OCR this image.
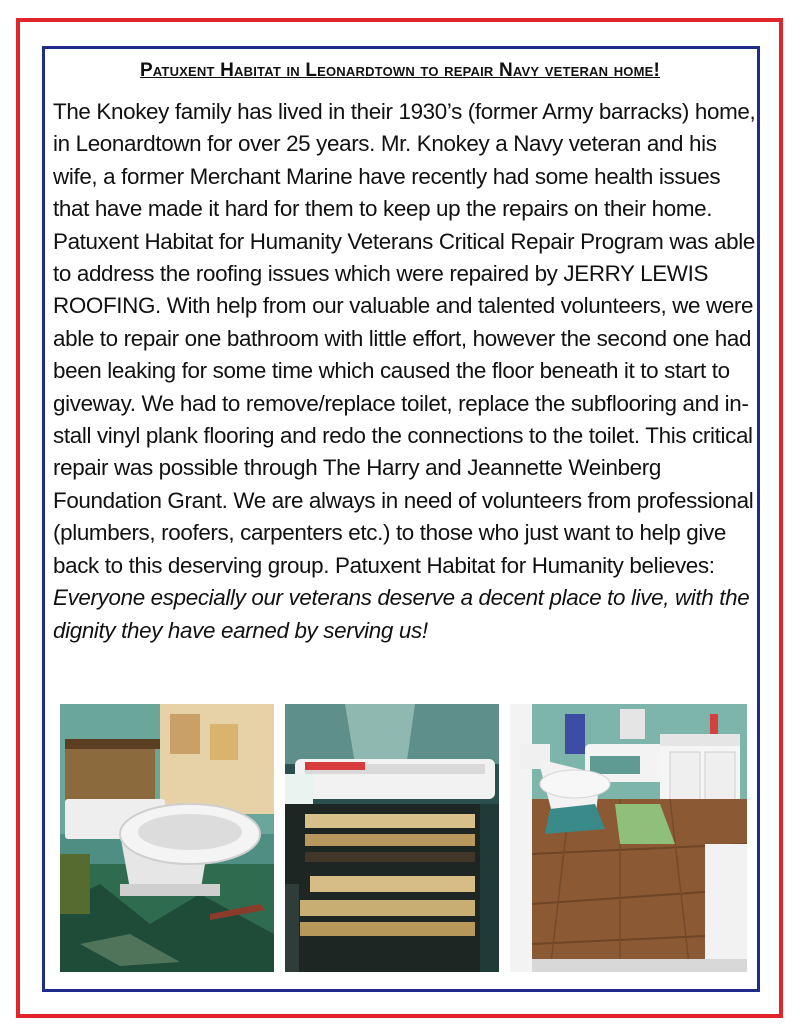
Patuxent Habitat in Leonardtown to repair Navy veteran home!

The Knokey family has lived in their 1930’s (former Army barracks) home, in Leonardtown for over 25 years. Mr. Knokey a Navy veteran and his wife, a former Merchant Marine have recently had some health issues that have made it hard for them to keep up the repairs on their home. Patuxent Habitat for Humanity Veterans Critical Repair Program was able to address the roofing issues which were repaired by JERRY LEWIS ROOFING. With help from our valuable and talented volunteers, we were able to repair one bathroom with little effort, however the second one had been leaking for some time which caused the floor beneath it to start to giveway. We had to remove/replace toilet, replace the subflooring and in-stall vinyl plank flooring and redo the connections to the toilet. This critical repair was possible through The Harry and Jeannette Weinberg Foundation Grant. We are always in need of volunteers from professional (plumbers, roofers, carpenters etc.) to those who just want to help give back to this deserving group. Patuxent Habitat for Humanity believes: Everyone especially our veterans deserve a decent place to live, with the dignity they have earned by serving us!
